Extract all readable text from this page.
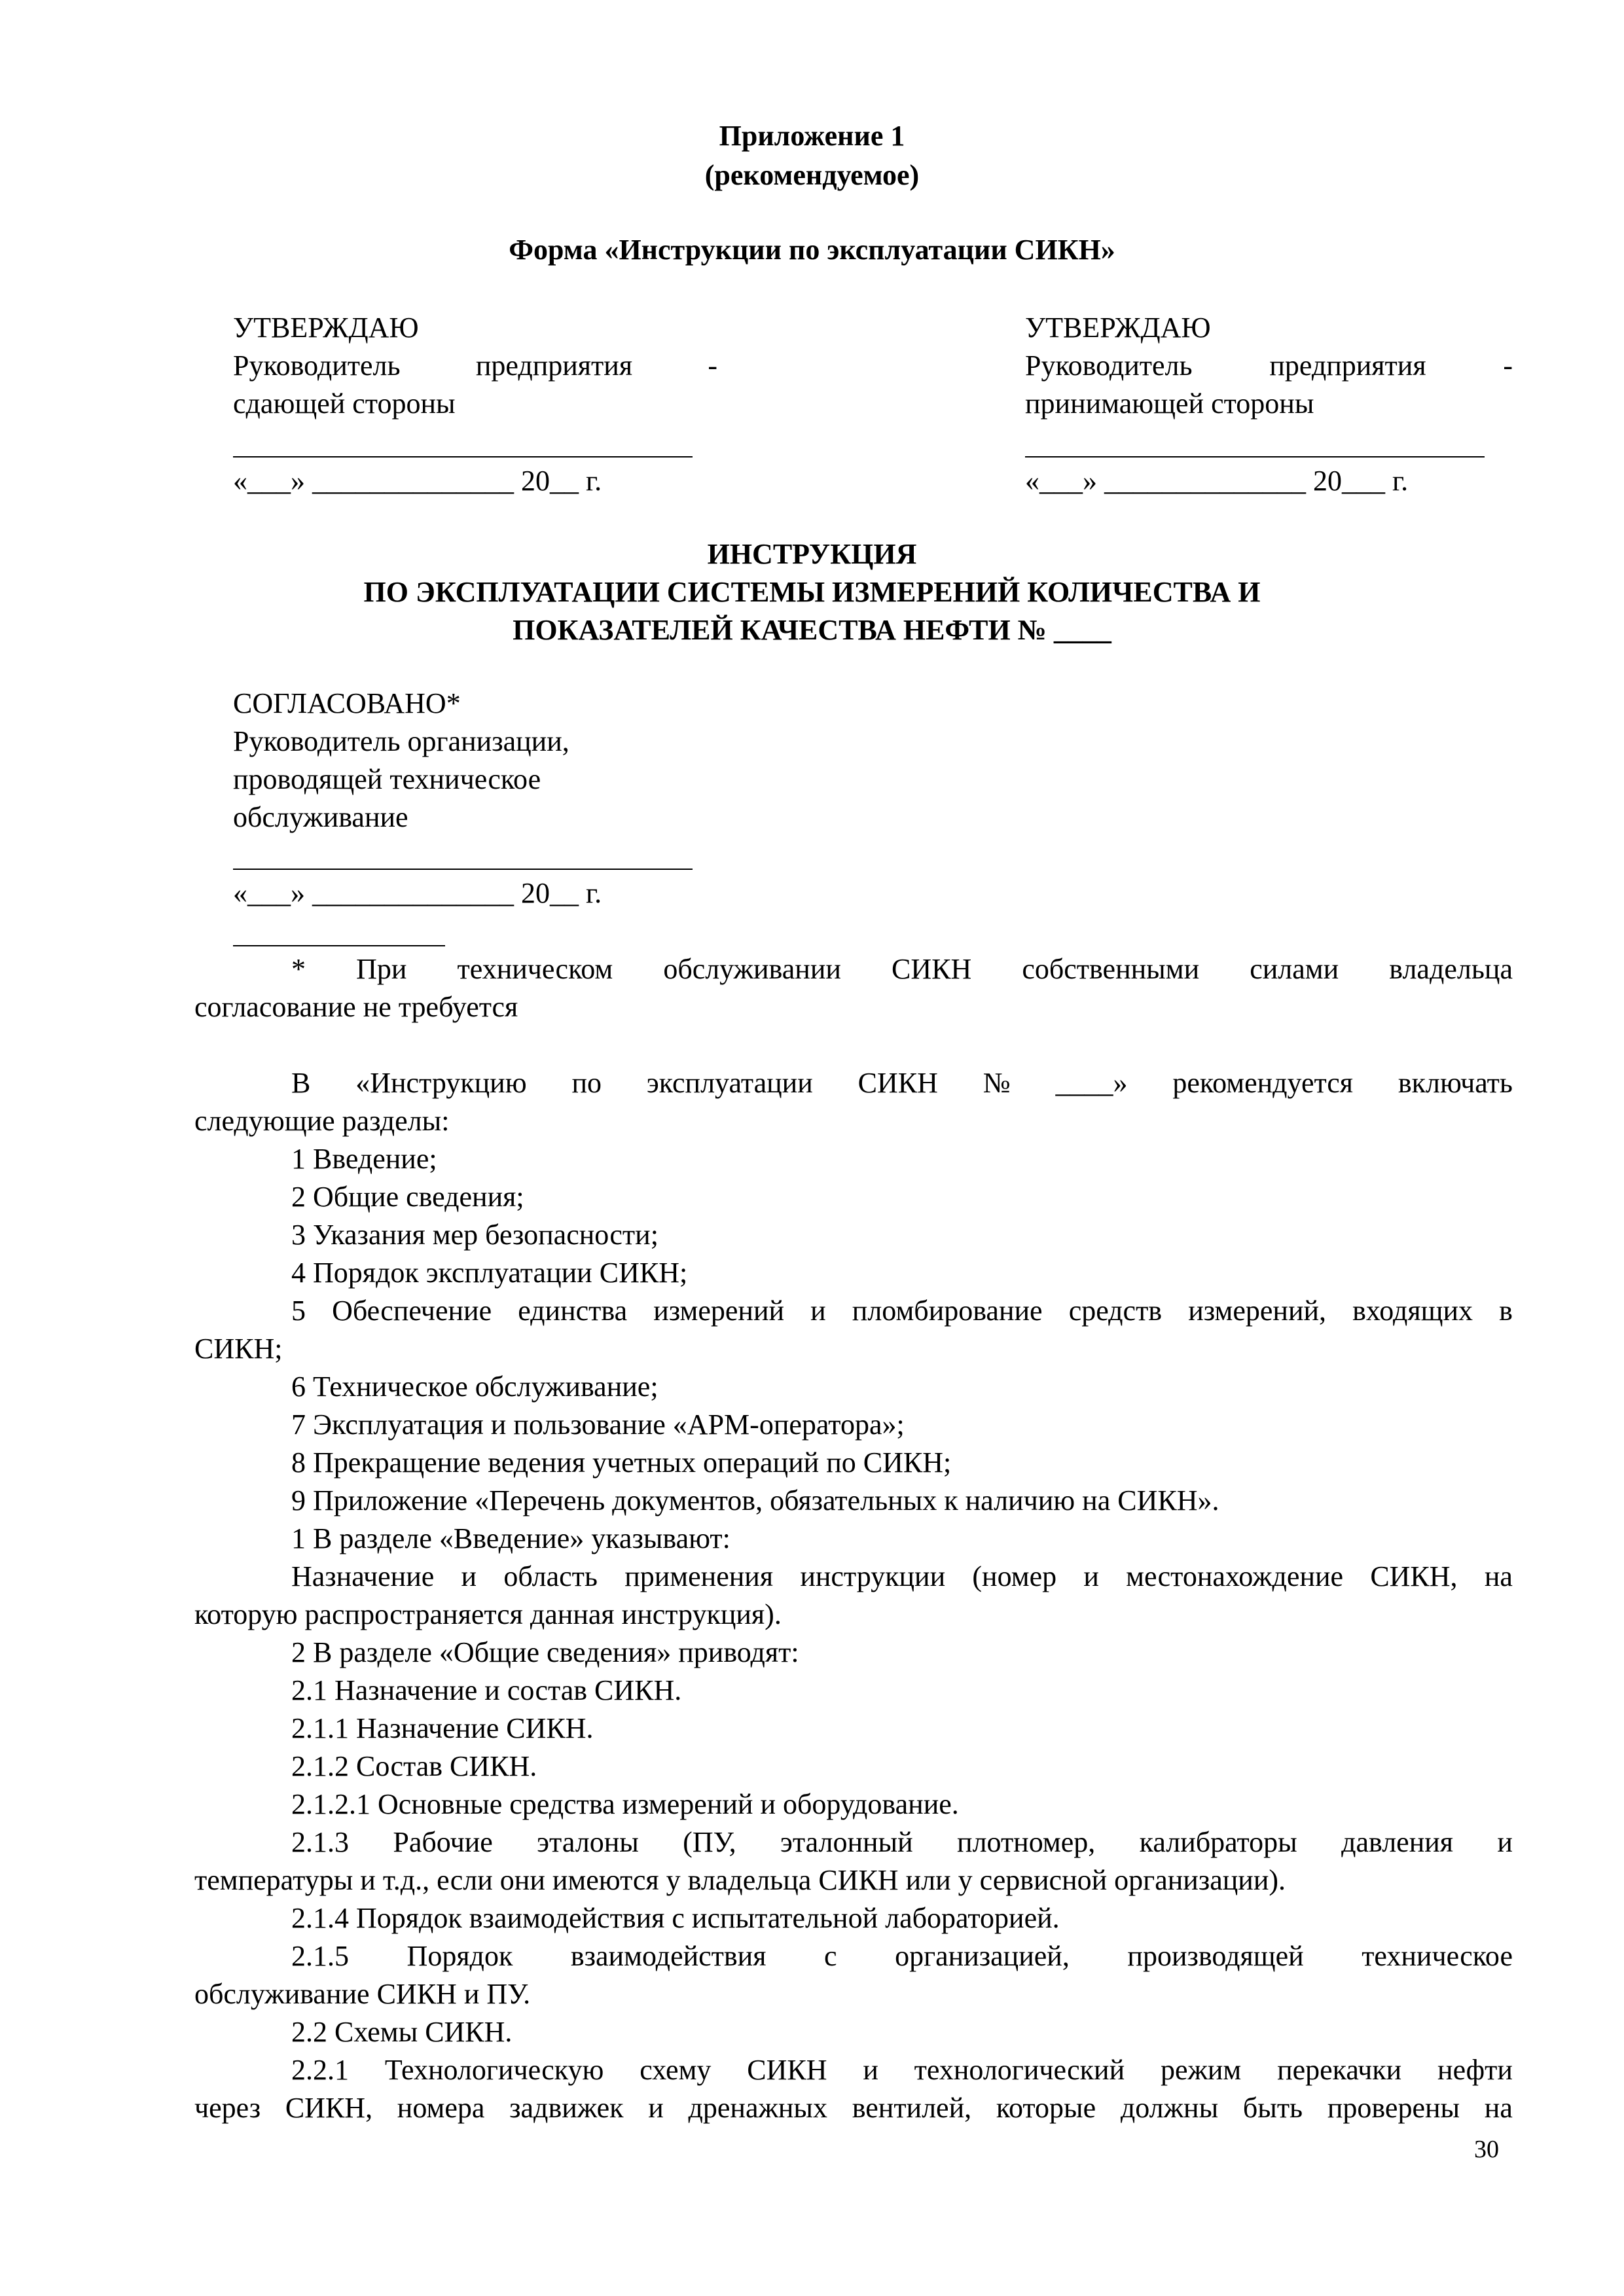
Приложение 1
(рекомендуемое)
Форма «Инструкции по эксплуатации СИКН»
УТВЕРЖДАЮ
Руководитель	предприятия	-
сдающей стороны
«___» ______________ 20__ г.
УТВЕРЖДАЮ
Руководитель	предприятия	-
принимающей стороны
«___» ______________ 20___ г.
ИНСТРУКЦИЯ
ПО ЭКСПЛУАТАЦИИ СИСТЕМЫ ИЗМЕРЕНИЙ КОЛИЧЕСТВА И
ПОКАЗАТЕЛЕЙ КАЧЕСТВА НЕФТИ № ____
СОГЛАСОВАНО*
Руководитель организации,
проводящей техническое
обслуживание
«___» ______________ 20__ г.
* При техническом обслуживании СИКН собственными силами владельца
согласование не требуется
В «Инструкцию по эксплуатации СИКН № ____» рекомендуется включать
следующие разделы:
1 Введение;
2 Общие сведения;
3 Указания мер безопасности;
4 Порядок эксплуатации СИКН;
5 Обеспечение единства измерений и пломбирование средств измерений, входящих в
СИКН;
6 Техническое обслуживание;
7 Эксплуатация и пользование «АРМ-оператора»;
8 Прекращение ведения учетных операций по СИКН;
9 Приложение «Перечень документов, обязательных к наличию на СИКН».
1 В разделе «Введение» указывают:
Назначение и область применения инструкции (номер и местонахождение СИКН, на
которую распространяется данная инструкция).
2 В разделе «Общие сведения» приводят:
2.1 Назначение и состав СИКН.
2.1.1 Назначение СИКН.
2.1.2 Состав СИКН.
2.1.2.1 Основные средства измерений и оборудование.
2.1.3 Рабочие эталоны (ПУ, эталонный плотномер, калибраторы давления и
температуры и т.д., если они имеются у владельца СИКН или у сервисной организации).
2.1.4 Порядок взаимодействия с испытательной лабораторией.
2.1.5 Порядок взаимодействия с организацией, производящей техническое
обслуживание СИКН и ПУ.
2.2 Схемы СИКН.
2.2.1 Технологическую схему СИКН и технологический режим перекачки нефти
через СИКН, номера задвижек и дренажных вентилей, которые должны быть проверены на
30
